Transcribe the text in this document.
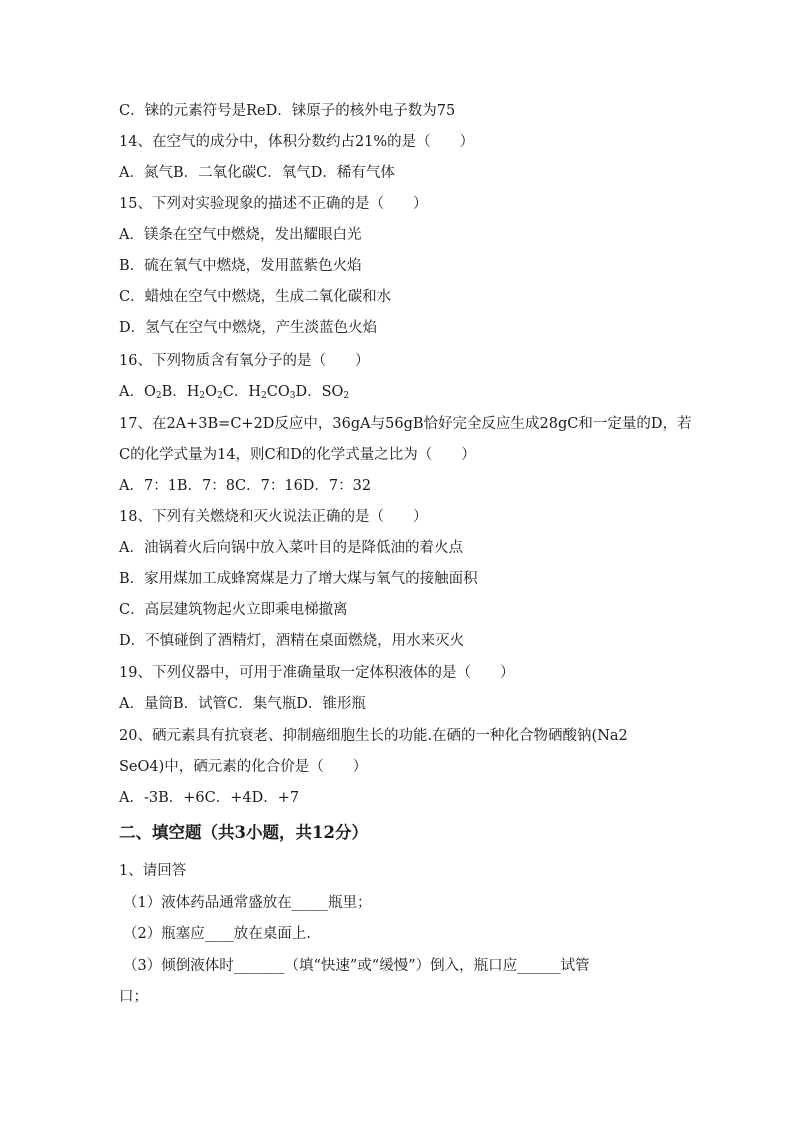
C．铼的元素符号是ReD．铼原子的核外电子数为75
14、在空气的成分中，体积分数约占21%的是（　　）
A．氮气B．二氧化碳C．氧气D．稀有气体
15、下列对实验现象的描述不正确的是（　　）
A．镁条在空气中燃烧，发出耀眼白光
B．硫在氧气中燃烧，发用蓝紫色火焰
C．蜡烛在空气中燃烧，生成二氧化碳和水
D．氢气在空气中燃烧，产生淡蓝色火焰
16、下列物质含有氧分子的是（　　）
A．$O_2B$．$H_2O_2C$．$H_2CO_3D$．$SO_2$
17、在2A+3B=C+2D反应中，36gA与56gB恰好完全反应生成28gC和一定量的D，若
C的化学式量为14，则C和D的化学式量之比为（　　）
A．7：1B．7：8C．7：16D．7：32
18、下列有关燃烧和灭火说法正确的是（　　）
A．油锅着火后向锅中放入菜叶目的是降低油的着火点
B．家用煤加工成蜂窝煤是力了增大煤与氧气的接触面积
C．高层建筑物起火立即乘电梯撤离
D．不慎碰倒了酒精灯，酒精在桌面燃烧，用水来灭火
19、下列仪器中，可用于准确量取一定体积液体的是（　　）
A．量筒B．试管C．集气瓶D．锥形瓶
20、硒元素具有抗衰老、抑制癌细胞生长的功能.在硒的一种化合物硒酸钠(Na2
SeO4)中，硒元素的化合价是（　　）
A．-3B．+6C．+4D．+7
二、填空题（共3小题，共12分）
1、请回答
（1）液体药品通常盛放在_____瓶里；
（2）瓶塞应____放在桌面上.
（3）倾倒液体时_______（填“快速”或“缓慢”）倒入，瓶口应______试管
口；
